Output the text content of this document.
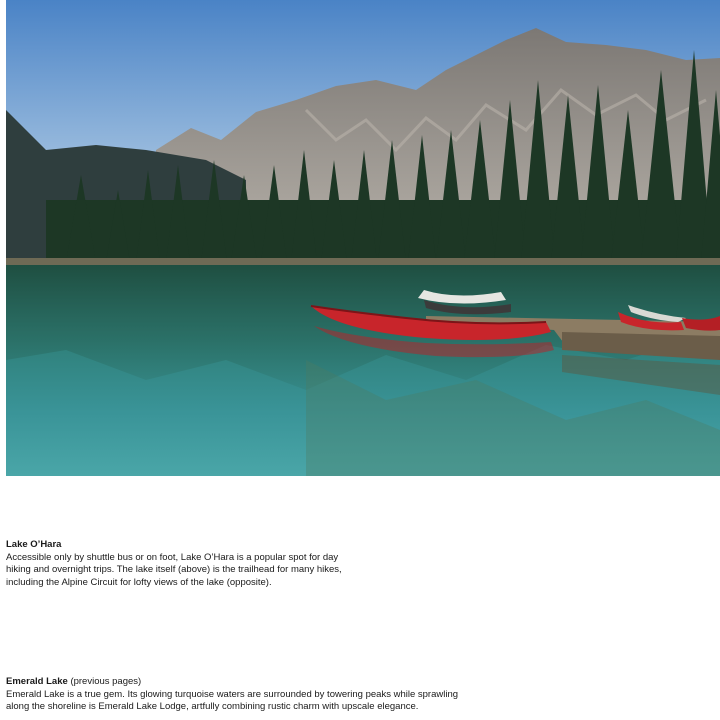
Lake O’Hara

Accessible only by shuttle bus or on foot, Lake O’Hara is a popular spot for day

hiking and overnight trips. The lake itself (above) is the trailhead for many hikes,

including the Alpine Circuit for lofty views of the lake (opposite).

Emerald Lake (previous pages)

Emerald Lake is a true gem. Its glowing turquoise waters are surrounded by towering peaks while sprawling

along the shoreline is Emerald Lake Lodge, artfully combining rustic charm with upscale elegance.
